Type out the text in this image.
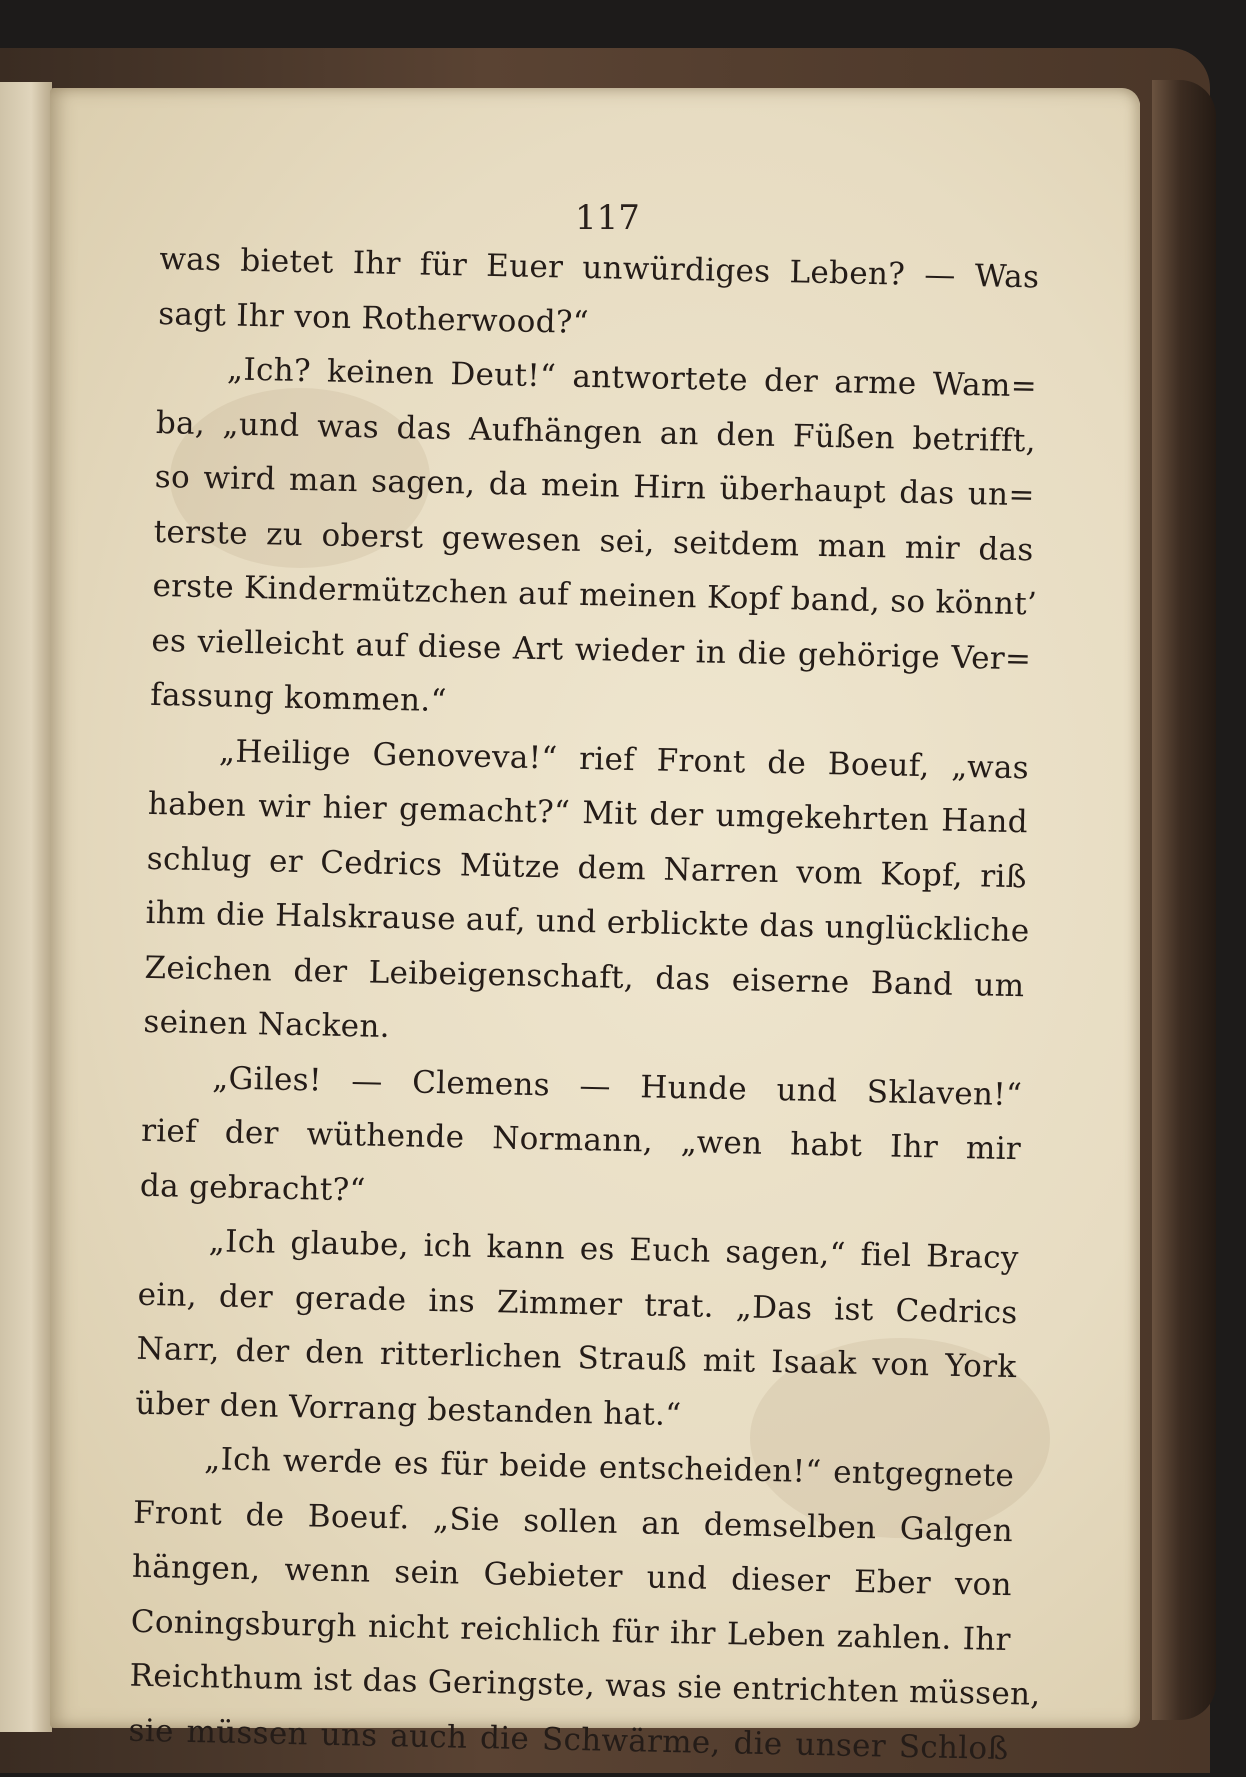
117
was bietet Ihr für Euer unwürdiges Leben? — Was
sagt Ihr von Rotherwood?“
„Ich? keinen Deut!“ antwortete der arme Wam=
ba, „und was das Aufhängen an den Füßen betrifft,
so wird man sagen, da mein Hirn überhaupt das un=
terste zu oberst gewesen sei, seitdem man mir das
erste Kindermützchen auf meinen Kopf band, so könnt’
es vielleicht auf diese Art wieder in die gehörige Ver=
fassung kommen.“
„Heilige Genoveva!“ rief Front de Boeuf, „was
haben wir hier gemacht?“ Mit der umgekehrten Hand
schlug er Cedrics Mütze dem Narren vom Kopf, riß
ihm die Halskrause auf, und erblickte das unglückliche
Zeichen der Leibeigenschaft, das eiserne Band um
seinen Nacken.
„Giles! — Clemens — Hunde und Sklaven!“
rief der wüthende Normann, „wen habt Ihr mir
da gebracht?“
„Ich glaube, ich kann es Euch sagen,“ fiel Bracy
ein, der gerade ins Zimmer trat. „Das ist Cedrics
Narr, der den ritterlichen Strauß mit Isaak von York
über den Vorrang bestanden hat.“
„Ich werde es für beide entscheiden!“ entgegnete
Front de Boeuf. „Sie sollen an demselben Galgen
hängen, wenn sein Gebieter und dieser Eber von
Coningsburgh nicht reichlich für ihr Leben zahlen. Ihr
Reichthum ist das Geringste, was sie entrichten müssen,
sie müssen uns auch die Schwärme, die unser Schloß
